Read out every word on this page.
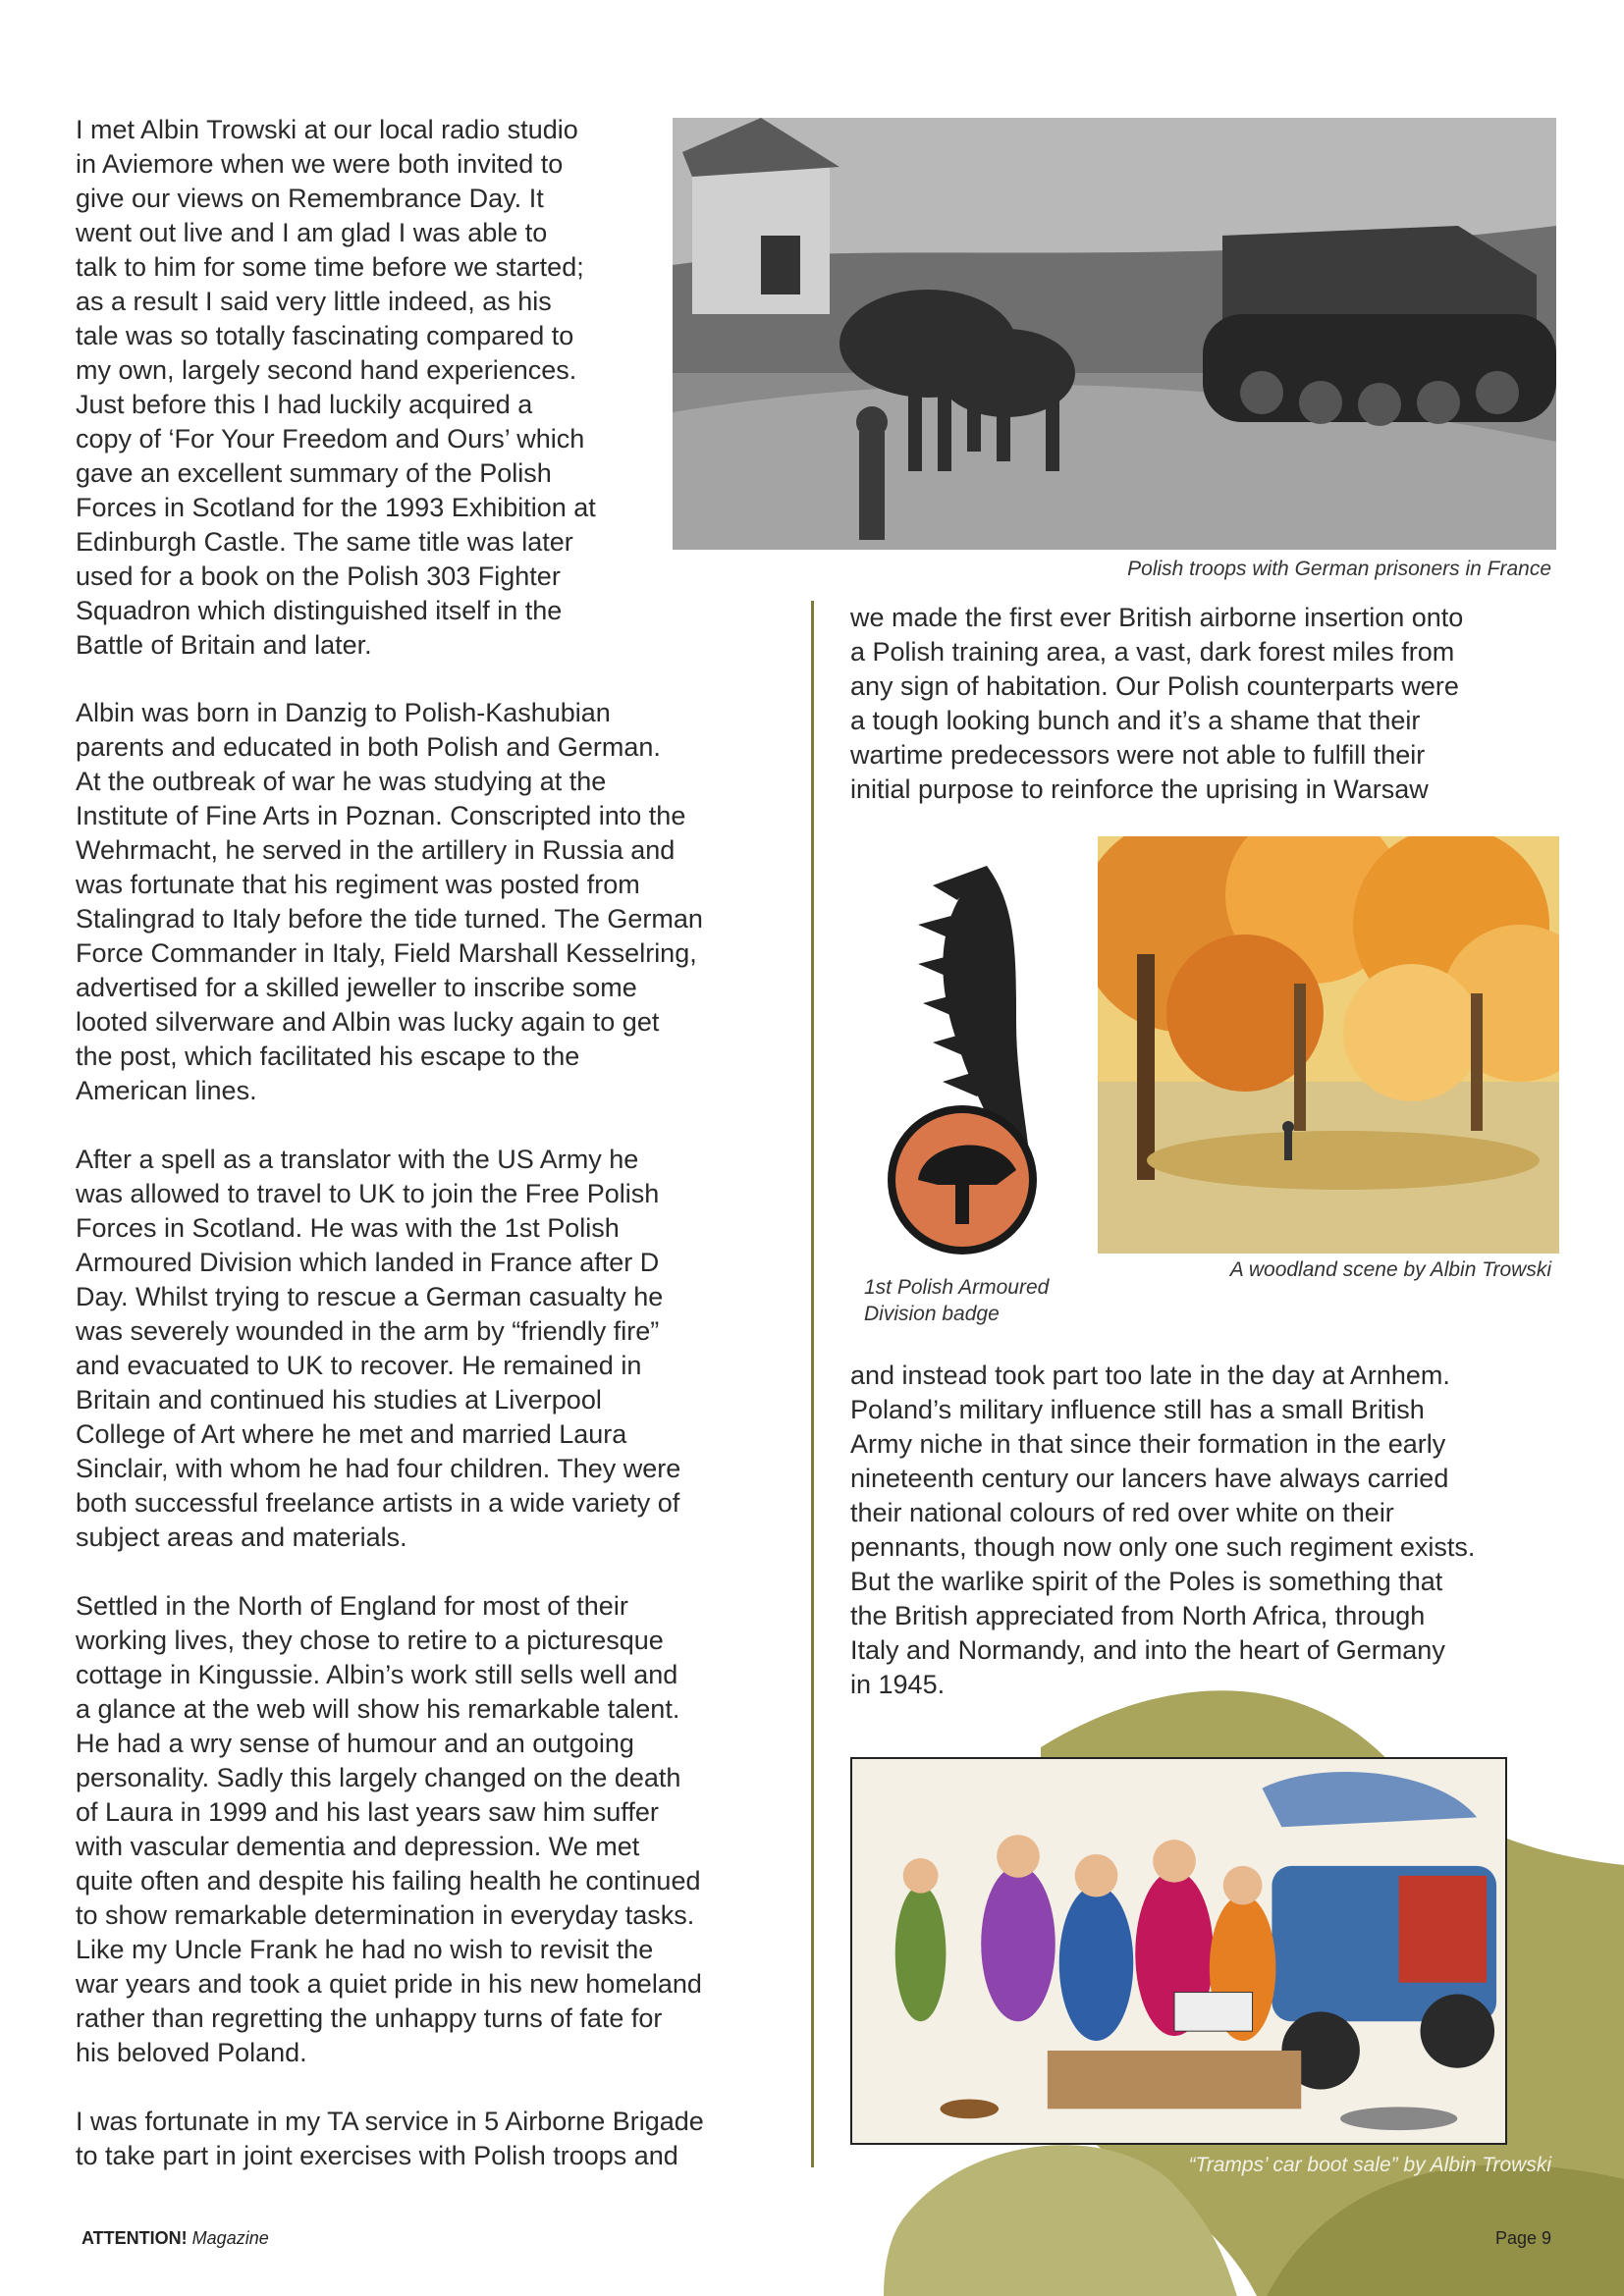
I met Albin Trowski at our local radio studio
in Aviemore when we were both invited to
give our views on Remembrance Day. It
went out live and I am glad I was able to
talk to him for some time before we started;
as a result I said very little indeed, as his
tale was so totally fascinating compared to
my own, largely second hand experiences.
Just before this I had luckily acquired a
copy of ‘For Your Freedom and Ours’ which
gave an excellent summary of the Polish
Forces in Scotland for the 1993 Exhibition at
Edinburgh Castle. The same title was later
used for a book on the Polish 303 Fighter
Squadron which distinguished itself in the
Battle of Britain and later.

Albin was born in Danzig to Polish-Kashubian
parents and educated in both Polish and German.
At the outbreak of war he was studying at the
Institute of Fine Arts in Poznan. Conscripted into the
Wehrmacht, he served in the artillery in Russia and
was fortunate that his regiment was posted from
Stalingrad to Italy before the tide turned. The German
Force Commander in Italy, Field Marshall Kesselring,
advertised for a skilled jeweller to inscribe some
looted silverware and Albin was lucky again to get
the post, which facilitated his escape to the
American lines.

After a spell as a translator with the US Army he
was allowed to travel to UK to join the Free Polish
Forces in Scotland. He was with the 1st Polish
Armoured Division which landed in France after D
Day. Whilst trying to rescue a German casualty he
was severely wounded in the arm by “friendly fire”
and evacuated to UK to recover. He remained in
Britain and continued his studies at Liverpool
College of Art where he met and married Laura
Sinclair, with whom he had four children. They were
both successful freelance artists in a wide variety of
subject areas and materials.

Settled in the North of England for most of their
working lives, they chose to retire to a picturesque
cottage in Kingussie. Albin’s work still sells well and
a glance at the web will show his remarkable talent.
He had a wry sense of humour and an outgoing
personality. Sadly this largely changed on the death
of Laura in 1999 and his last years saw him suffer
with vascular dementia and depression. We met
quite often and despite his failing health he continued
to show remarkable determination in everyday tasks.
Like my Uncle Frank he had no wish to revisit the
war years and took a quiet pride in his new homeland
rather than regretting the unhappy turns of fate for
his beloved Poland.

I was fortunate in my TA service in 5 Airborne Brigade
to take part in joint exercises with Polish troops and

Polish troops with German prisoners in France

we made the first ever British airborne insertion onto
a Polish training area, a vast, dark forest miles from
any sign of habitation. Our Polish counterparts were
a tough looking bunch and it’s a shame that their
wartime predecessors were not able to fulfill their
initial purpose to reinforce the uprising in Warsaw

1st Polish Armoured
Division badge

A woodland scene by Albin Trowski

and instead took part too late in the day at Arnhem.
Poland’s military influence still has a small British
Army niche in that since their formation in the early
nineteenth century our lancers have always carried
their national colours of red over white on their
pennants, though now only one such regiment exists.
But the warlike spirit of the Poles is something that
the British appreciated from North Africa, through
Italy and Normandy, and into the heart of Germany
in 1945.

“Tramps’ car boot sale” by Albin Trowski

ATTENTION! Magazine	Page 9
